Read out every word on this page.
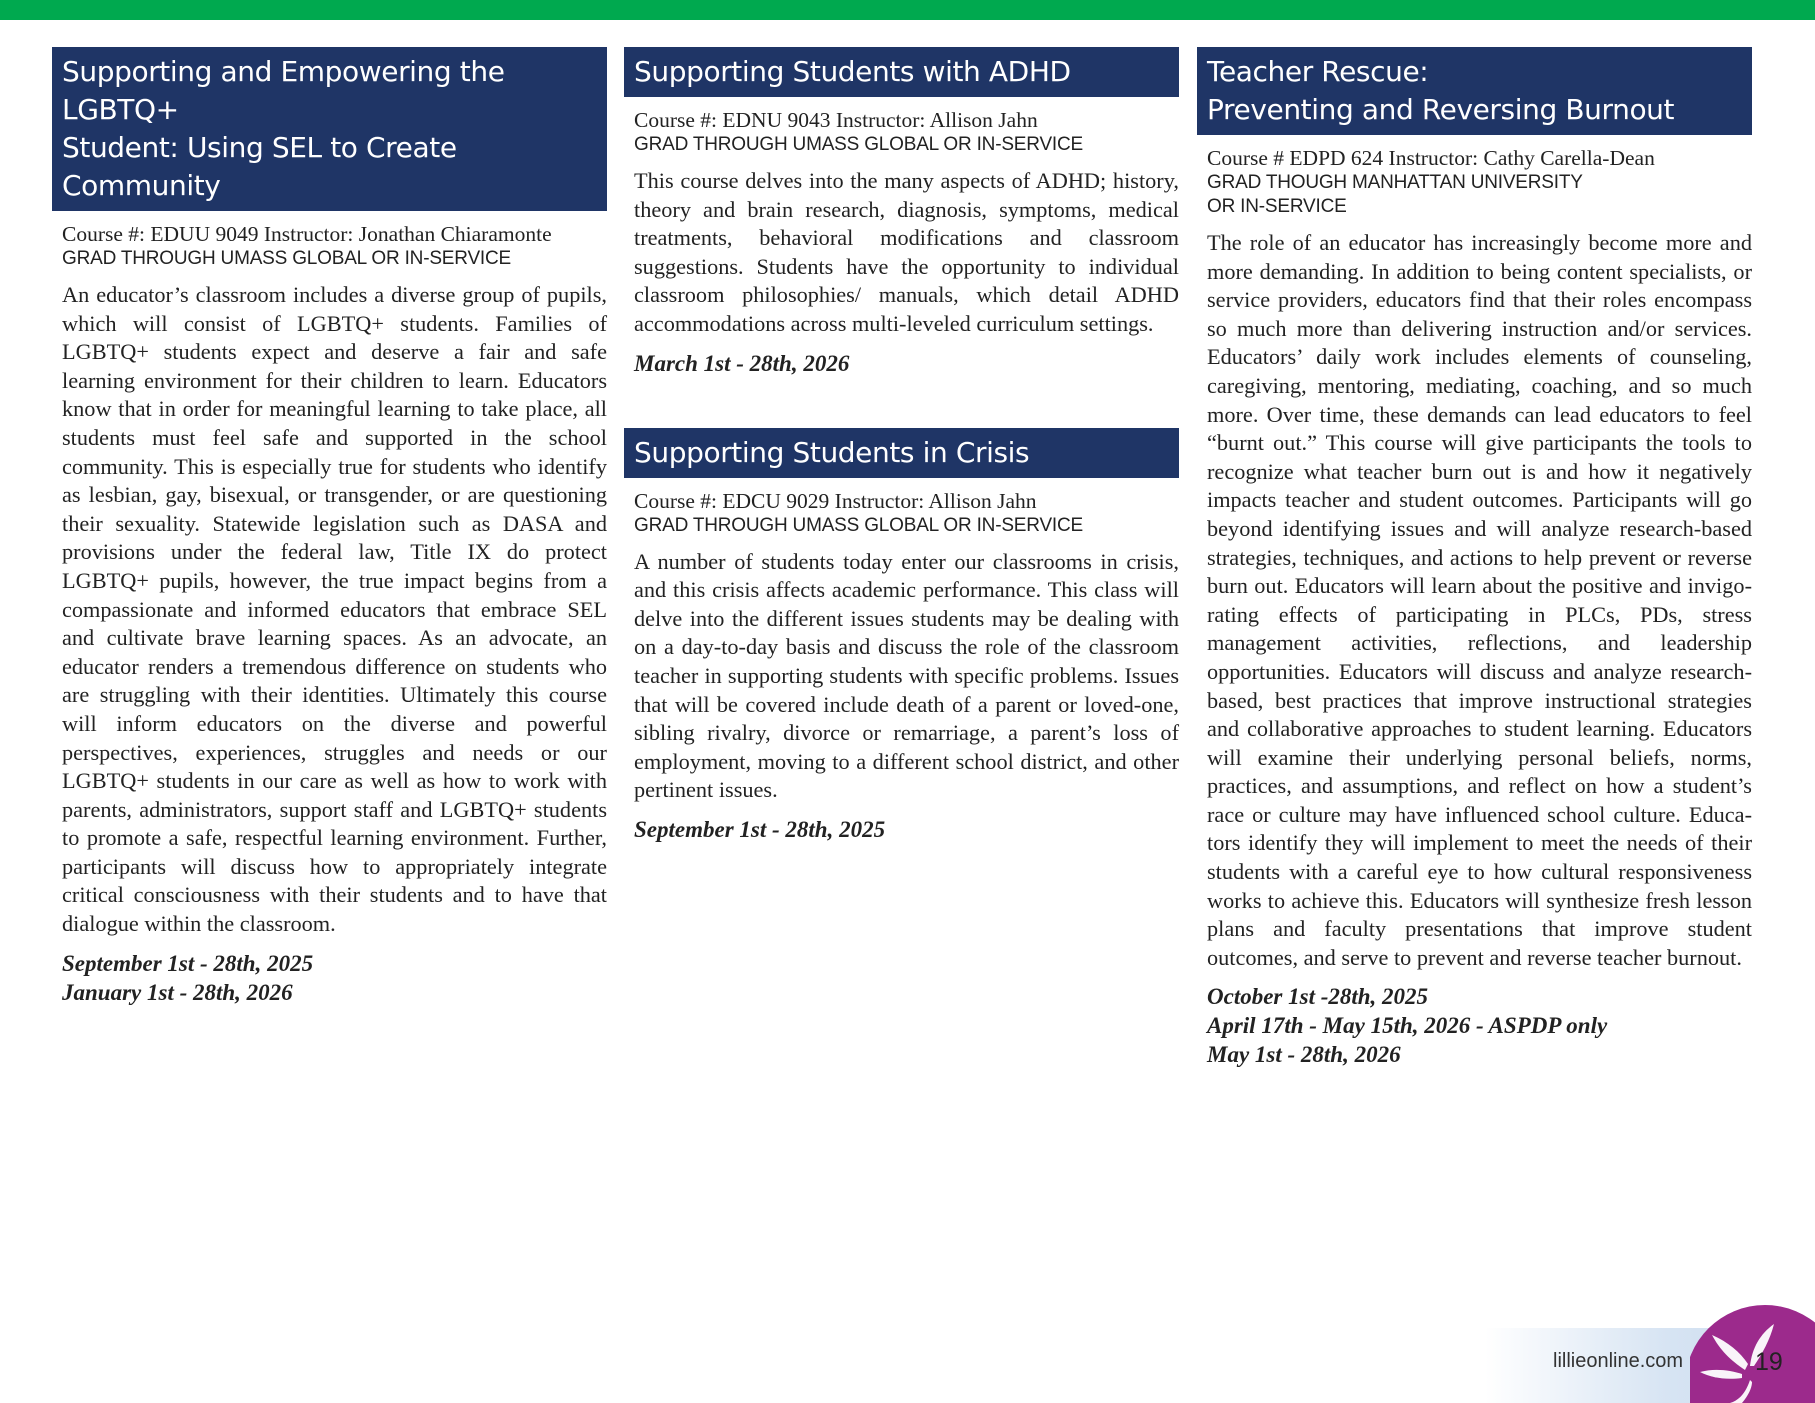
Supporting and Empowering the LGBTQ+
Student: Using SEL to Create Community
Course #: EDUU 9049 Instructor: Jonathan Chiaramonte
GRAD THROUGH UMASS GLOBAL OR IN-SERVICE
An educator’s classroom includes a diverse group of pupils, which will consist of LGBTQ+ students. Families of LGBTQ+ students expect and deserve a fair and safe learning environment for their children to learn. Educators know that in order for meaningful learning to take place, all students must feel safe and supported in the school community. This is especially true for students who identify as lesbian, gay, bisexual, or transgender, or are questioning their sexuality. Statewide legislation such as DASA and provisions under the federal law, Title IX do protect LGBTQ+ pupils, however, the true impact begins from a compassionate and informed educators that embrace SEL and cultivate brave learning spaces. As an advocate, an educator renders a tremendous difference on students who are struggling with their identities. Ultimately this course will inform educators on the diverse and powerful perspectives, experiences, struggles and needs or our LGBTQ+ students in our care as well as how to work with parents, administrators, support staff and LGBTQ+ students to promote a safe, respectful learning environment. Further, participants will discuss how to appropriately integrate critical consciousness with their students and to have that dialogue within the classroom.
September 1st - 28th, 2025
January 1st - 28th, 2026
Supporting Students with ADHD
Course #: EDNU 9043 Instructor: Allison Jahn
GRAD THROUGH UMASS GLOBAL OR IN-SERVICE
This course delves into the many aspects of ADHD; history, theory and brain research, diagnosis, symptoms, medical treatments, behavioral modifications and classroom suggestions. Students have the opportunity to individual classroom philosophies/ manuals, which detail ADHD accommodations across multi-leveled curriculum settings.
March 1st - 28th, 2026
Supporting Students in Crisis
Course #: EDCU 9029 Instructor: Allison Jahn
GRAD THROUGH UMASS GLOBAL OR IN-SERVICE
A number of students today enter our classrooms in crisis, and this crisis affects academic performance. This class will delve into the different issues students may be dealing with on a day-to-day basis and discuss the role of the classroom teacher in supporting students with specific problems. Issues that will be covered include death of a parent or loved-one, sibling rivalry, divorce or remarriage, a parent’s loss of employment, moving to a different school district, and other pertinent issues.
September 1st - 28th, 2025
Teacher Rescue:
Preventing and Reversing Burnout
Course # EDPD 624 Instructor: Cathy Carella-Dean
GRAD THOUGH MANHATTAN UNIVERSITY
OR IN-SERVICE
The role of an educator has increasingly become more and more demanding. In addition to being content specialists, or service providers, educators find that their roles encompass so much more than delivering instruction and/or services. Educators’ daily work includes elements of counseling, caregiving, mentoring, mediating, coaching, and so much more. Over time, these demands can lead educators to feel “burnt out.” This course will give participants the tools to recognize what teacher burn out is and how it negatively impacts teacher and student outcomes. Participants will go beyond identifying issues and will analyze research-based strategies, techniques, and actions to help prevent or reverse burn out. Educators will learn about the positive and invigorating effects of participating in PLCs, PDs, stress management activities, reflections, and leadership opportunities. Educators will discuss and analyze research-based, best practices that improve instructional strategies and collaborative approaches to student learning. Educators will examine their underlying personal beliefs, norms, practices, and assumptions, and reflect on how a student’s race or culture may have influenced school culture. Educators identify they will implement to meet the needs of their students with a careful eye to how cultural responsiveness works to achieve this. Educators will synthesize fresh lesson plans and faculty presentations that improve student outcomes, and serve to prevent and reverse teacher burnout.
October 1st -28th, 2025
April 17th - May 15th, 2026 - ASPDP only
May 1st - 28th, 2026
lillieonline.com	19
